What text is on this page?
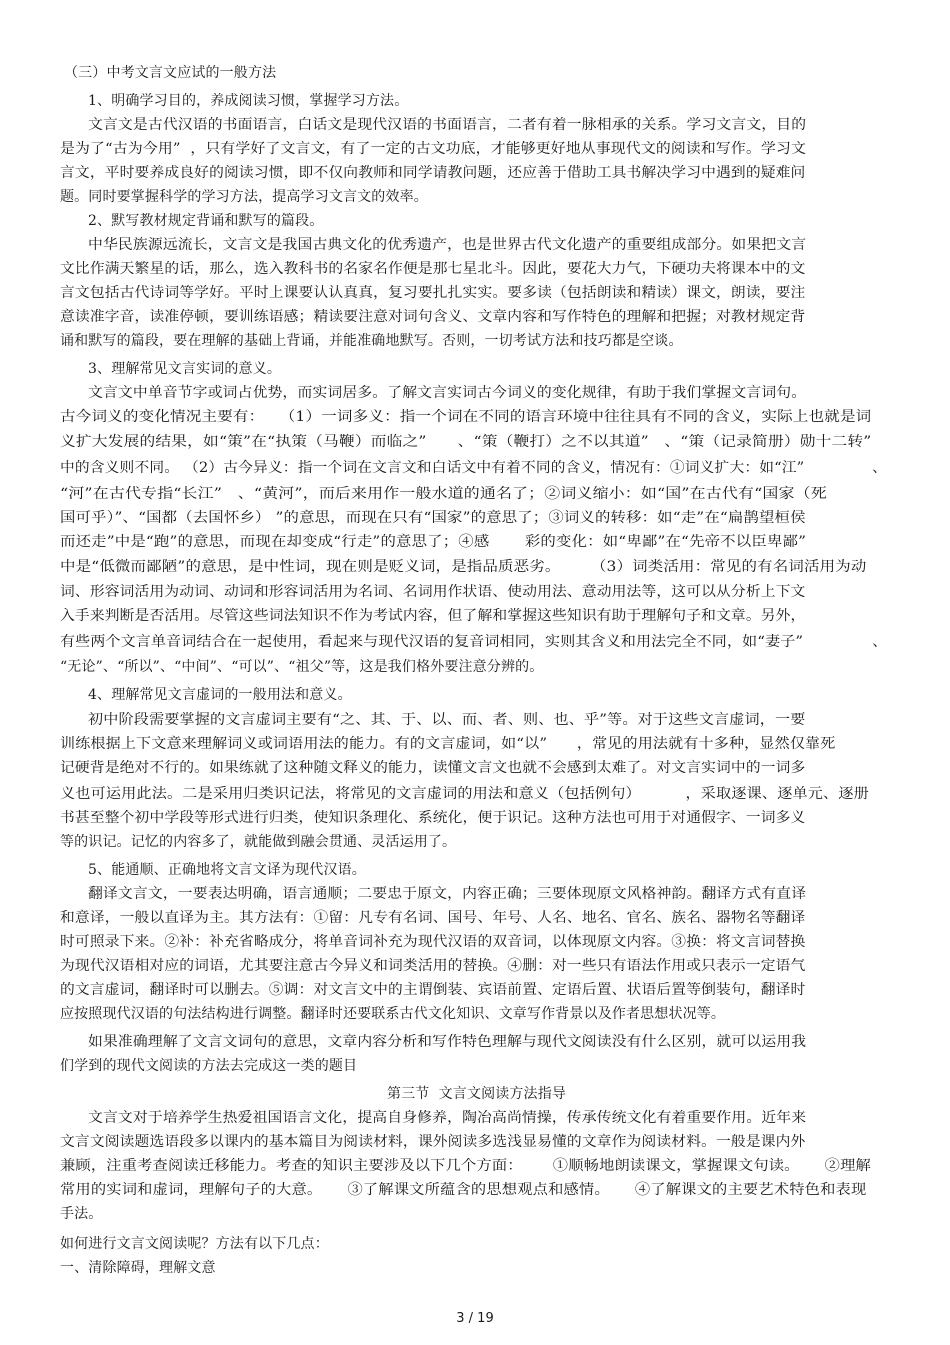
（三）中考文言文应试的一般方法
1、明确学习目的，养成阅读习惯，掌握学习方法。
文言文是古代汉语的书面语言，白话文是现代汉语的书面语言，二者有着一脉相承的关系。学习文言文，目的
是为了“古为今用”  ，只有学好了文言文，有了一定的古文功底，才能够更好地从事现代文的阅读和写作。学习文
言文，平时要养成良好的阅读习惯，即不仅向教师和同学请教问题，还应善于借助工具书解决学习中遇到的疑难问
题。同时要掌握科学的学习方法，提高学习文言文的效率。
2、默写教材规定背诵和默写的篇段。
中华民族源远流长，文言文是我国古典文化的优秀遗产，也是世界古代文化遗产的重要组成部分。如果把文言
文比作满天繁星的话，那么，选入教科书的名家名作便是那七星北斗。因此，要花大力气，下硬功夫将课本中的文
言文包括古代诗词等学好。平时上课要认认真真，复习要扎扎实实。要多读（包括朗读和精读）课文，朗读，要注
意读准字音，读准停顿，要训练语感；精读要注意对词句含义、文章内容和写作特色的理解和把握；对教材规定背
诵和默写的篇段，要在理解的基础上背诵，并能准确地默写。否则，一切考试方法和技巧都是空谈。
3、理解常见文言实词的意义。
文言文中单音节字或词占优势，而实词居多。了解文言实词古今词义的变化规律，有助于我们掌握文言词句。
古今词义的变化情况主要有：   （1）一词多义：指一个词在不同的语言环境中往往具有不同的含义，实际上也就是词
义扩大发展的结果，如“策”在“执策（马鞭）而临之”      、“策（鞭打）之不以其道”   、“策（记录简册）勋十二转”
中的含义则不同。 （2）古今异义：指一个词在文言文和白话文中有着不同的含义，情况有：①词义扩大：如“江”              、
“河”在古代专指“长江”   、“黄河”，而后来用作一般水道的通名了；②词义缩小：如“国”在古代有“国家（死
国可乎）”、“国都（去国怀乡） ”的意思，而现在只有“国家”的意思了；③词义的转移：如“走”在“扁鹊望桓侯
而还走”中是“跑”的意思，而现在却变成“行走”的意思了；④感       彩的变化：如“卑鄙”在“先帝不以臣卑鄙”
中是“低微而鄙陋”的意思，是中性词，现在则是贬义词，是指品质恶劣。      （3）词类活用：常见的有名词活用为动
词、形容词活用为动词、动词和形容词活用为名词、名词用作状语、使动用法、意动用法等，这可以从分析上下文
入手来判断是否活用。尽管这些词法知识不作为考试内容，但了解和掌握这些知识有助于理解句子和文章。另外，
有些两个文言单音词结合在一起使用，看起来与现代汉语的复音词相同，实则其含义和用法完全不同，如“妻子”              、
“无论”、“所以”、“中间”、“可以”、“祖父”等，这是我们格外要注意分辨的。
4、理解常见文言虚词的一般用法和意义。
初中阶段需要掌握的文言虚词主要有“之、其、于、以、而、者、则、也、乎”等。对于这些文言虚词，一要
训练根据上下文意来理解词义或词语用法的能力。有的文言虚词，如“以”      ，常见的用法就有十多种，显然仅靠死
记硬背是绝对不行的。如果练就了这种随文释义的能力，读懂文言文也就不会感到太难了。对文言实词中的一词多
义也可运用此法。二是采用归类识记法，将常见的文言虚词的用法和意义（包括例句）         ，采取逐课、逐单元、逐册
书甚至整个初中学段等形式进行归类，使知识条理化、系统化，便于识记。这种方法也可用于对通假字、一词多义
等的识记。记忆的内容多了，就能做到融会贯通、灵活运用了。
5、能通顺、正确地将文言文译为现代汉语。
翻译文言文，一要表达明确，语言通顺；二要忠于原文，内容正确；三要体现原文风格神韵。翻译方式有直译
和意译，一般以直译为主。其方法有：①留：凡专有名词、国号、年号、人名、地名、官名、族名、器物名等翻译
时可照录下来。②补：补充省略成分，将单音词补充为现代汉语的双音词，以体现原文内容。③换：将文言词替换
为现代汉语相对应的词语，尤其要注意古今异义和词类活用的替换。④删：对一些只有语法作用或只表示一定语气
的文言虚词，翻译时可以删去。⑤调：对文言文中的主谓倒装、宾语前置、定语后置、状语后置等倒装句，翻译时
应按照现代汉语的句法结构进行调整。翻译时还要联系古代文化知识、文章写作背景以及作者思想状况等。
如果准确理解了文言文词句的意思，文章内容分析和写作特色理解与现代文阅读没有什么区别，就可以运用我
们学到的现代文阅读的方法去完成这一类的题目
第三节  文言文阅读方法指导
文言文对于培养学生热爱祖国语言文化，提高自身修养，陶冶高尚情操，传承传统文化有着重要作用。近年来
文言文阅读题选语段多以课内的基本篇目为阅读材料，课外阅读多选浅显易懂的文章作为阅读材料。一般是课内外
兼顾，注重考查阅读迁移能力。考查的知识主要涉及以下几个方面：      ①顺畅地朗读课文，掌握课文句读。     ②理解
常用的实词和虚词，理解句子的大意。     ③了解课文所蕴含的思想观点和感情。     ④了解课文的主要艺术特色和表现
手法。
如何进行文言文阅读呢？方法有以下几点：
一、清除障碍，理解文意
3 / 19
